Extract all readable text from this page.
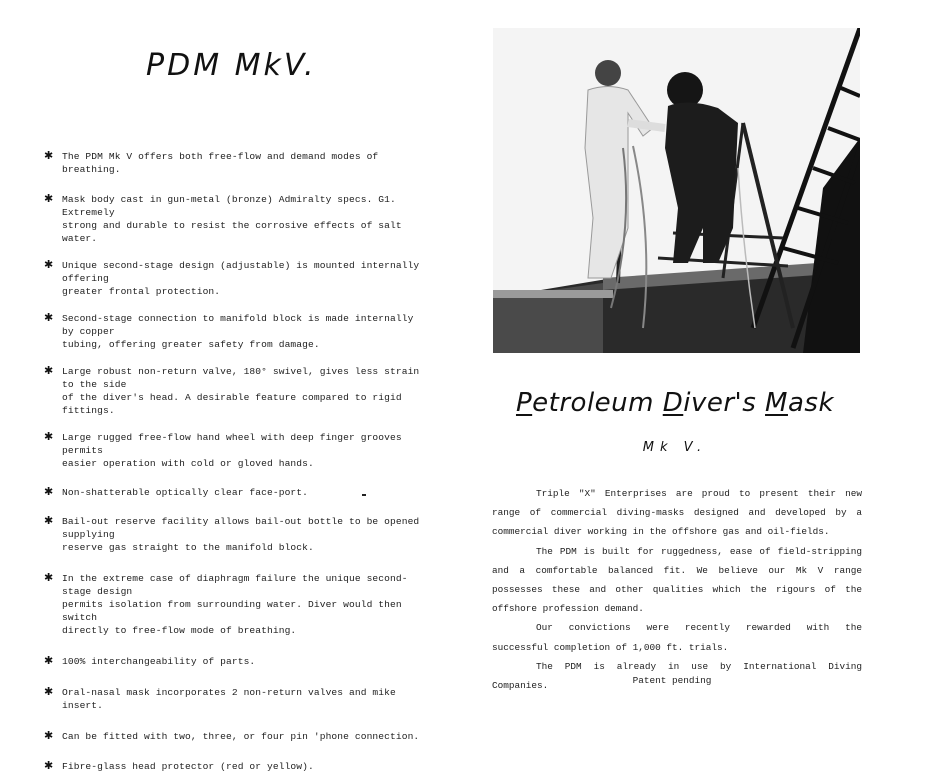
PDM MkV.
✱ The PDM Mk V offers both free-flow and demand modes of breathing.
✱ Mask body cast in gun-metal (bronze) Admiralty specs. G1. Extremely
strong and durable to resist the corrosive effects of salt water.
✱ Unique second-stage design (adjustable) is mounted internally offering
greater frontal protection.
✱ Second-stage connection to manifold block is made internally by copper
tubing, offering greater safety from damage.
✱ Large robust non-return valve, 180° swivel, gives less strain to the side
of the diver's head. A desirable feature compared to rigid fittings.
✱ Large rugged free-flow hand wheel with deep finger grooves permits
easier operation with cold or gloved hands.
✱ Non-shatterable optically clear face-port.
✱ Bail-out reserve facility allows bail-out bottle to be opened supplying
reserve gas straight to the manifold block.
✱ In the extreme case of diaphragm failure the unique second-stage design
permits isolation from surrounding water. Diver would then switch
directly to free-flow mode of breathing.
✱ 100% interchangeability of parts.
✱ Oral-nasal mask incorporates 2 non-return valves and mike insert.
✱ Can be fitted with two, three, or four pin 'phone connection.
✱ Fibre-glass head protector (red or yellow).
Petroleum Diver's Mask
Mk V.

Triple "X" Enterprises are proud to present their new range of commercial diving-masks designed and developed by a commercial diver working in the offshore gas and oil-fields.

The PDM is built for ruggedness, ease of field-stripping and a comfortable balanced fit. We believe our Mk V range possesses these and other qualities which the rigours of the offshore profession demand.

Our convictions were recently rewarded with the successful completion of 1,000 ft. trials.

The PDM is already in use by International Diving Companies.	Patent pending
